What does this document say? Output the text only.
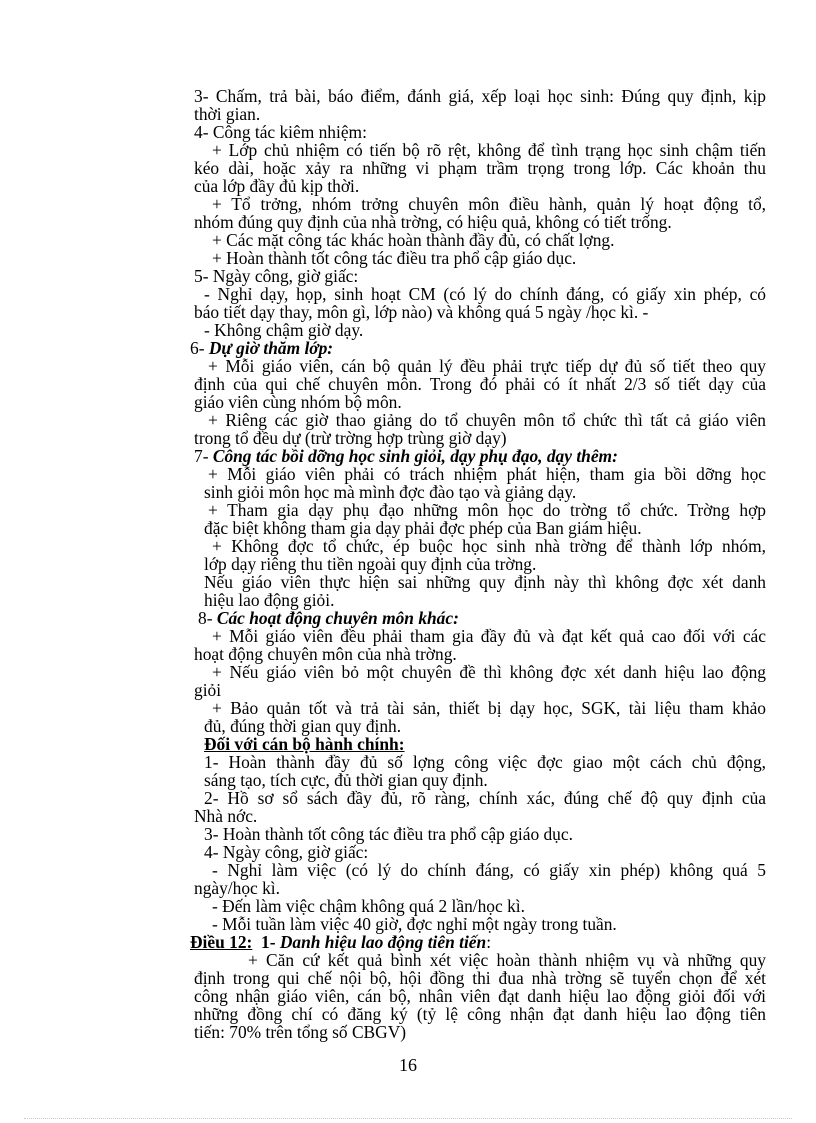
3- Chấm, trả bài, báo điểm, đánh giá, xếp loại học sinh: Đúng quy định, kịp
thời gian.
4- Công tác kiêm nhiệm:
+ Lớp chủ nhiệm có tiến bộ rõ rệt, không để tình trạng học sinh chậm tiến
kéo dài, hoặc xảy ra những vi phạm trầm trọng trong lớp. Các khoản thu
của lớp đầy đủ kịp thời.
+ Tổ trởng, nhóm trởng chuyên môn điều hành, quản lý hoạt động tổ,
nhóm đúng quy định của nhà trờng, có hiệu quả, không có tiết trống.
+ Các mặt công tác khác hoàn thành đầy đủ, có chất lợng.
+ Hoàn thành tốt công tác điều tra phổ cập giáo dục.
5- Ngày công, giờ giấc:
- Nghỉ dạy, họp, sinh hoạt CM (có lý do chính đáng, có giấy xin phép, có
báo tiết dạy thay, môn gì, lớp nào) và không quá 5 ngày /học kì. -
- Không chậm giờ dạy.
6- Dự giờ thăm lớp:
+ Mỗi giáo viên, cán bộ quản lý đều phải trực tiếp dự đủ số tiết theo quy
định của qui chế chuyên môn. Trong đó phải có ít nhất 2/3 số tiết dạy của
giáo viên cùng nhóm bộ môn.
+ Riêng các giờ thao giảng do tổ chuyên môn tổ chức thì tất cả giáo viên
trong tổ đều dự (trừ trờng hợp trùng giờ dạy)
7- Công tác bồi dỡng học sinh giỏi, dạy phụ đạo, dạy thêm:
+ Mỗi giáo viên phải có trách nhiệm phát hiện, tham gia bồi dỡng học
sinh giỏi môn học mà mình đợc đào tạo và giảng dạy.
+ Tham gia dạy phụ đạo những môn học do trờng tổ chức. Trờng hợp
đặc biệt không tham gia dạy phải đợc phép của Ban giám hiệu.
+ Không đợc tổ chức, ép buộc học sinh nhà trờng để thành lớp nhóm,
lớp dạy riêng thu tiền ngoài quy định của trờng.
Nếu giáo viên thực hiện sai những quy định này thì không đợc xét danh
hiệu lao động giỏi.
8- Các hoạt động chuyên môn khác:
+ Mỗi giáo viên đều phải tham gia đầy đủ và đạt kết quả cao đối với các
hoạt động chuyên môn của nhà trờng.
+ Nếu giáo viên bỏ một chuyên đề thì không đợc xét danh hiệu lao động
giỏi
+ Bảo quản tốt và trả tài sản, thiết bị dạy học, SGK, tài liệu tham khảo
đủ, đúng thời gian quy định.
Đối với cán bộ hành chính:
1- Hoàn thành đầy đủ số lợng công việc đợc giao một cách chủ động,
sáng tạo, tích cực, đủ thời gian quy định.
2- Hồ sơ sổ sách đầy đủ, rõ ràng, chính xác, đúng chế độ quy định của
Nhà nớc.
3- Hoàn thành tốt công tác điều tra phổ cập giáo dục.
4- Ngày công, giờ giấc:
- Nghỉ làm việc (có lý do chính đáng, có giấy xin phép) không quá 5
ngày/học kì.
- Đến làm việc chậm không quá 2 lần/học kì.
- Mỗi tuần làm việc 40 giờ, đợc nghỉ một ngày trong tuần.
Điều 12: 1- Danh hiệu lao động tiên tiến:
+ Căn cứ kết quả bình xét việc hoàn thành nhiệm vụ và những quy
định trong qui chế nội bộ, hội đồng thi đua nhà trờng sẽ tuyển chọn để xét
công nhận giáo viên, cán bộ, nhân viên đạt danh hiệu lao động giỏi đối với
những đồng chí có đăng ký (tỷ lệ công nhận đạt danh hiệu lao động tiên
tiến: 70% trên tổng số CBGV)
16
